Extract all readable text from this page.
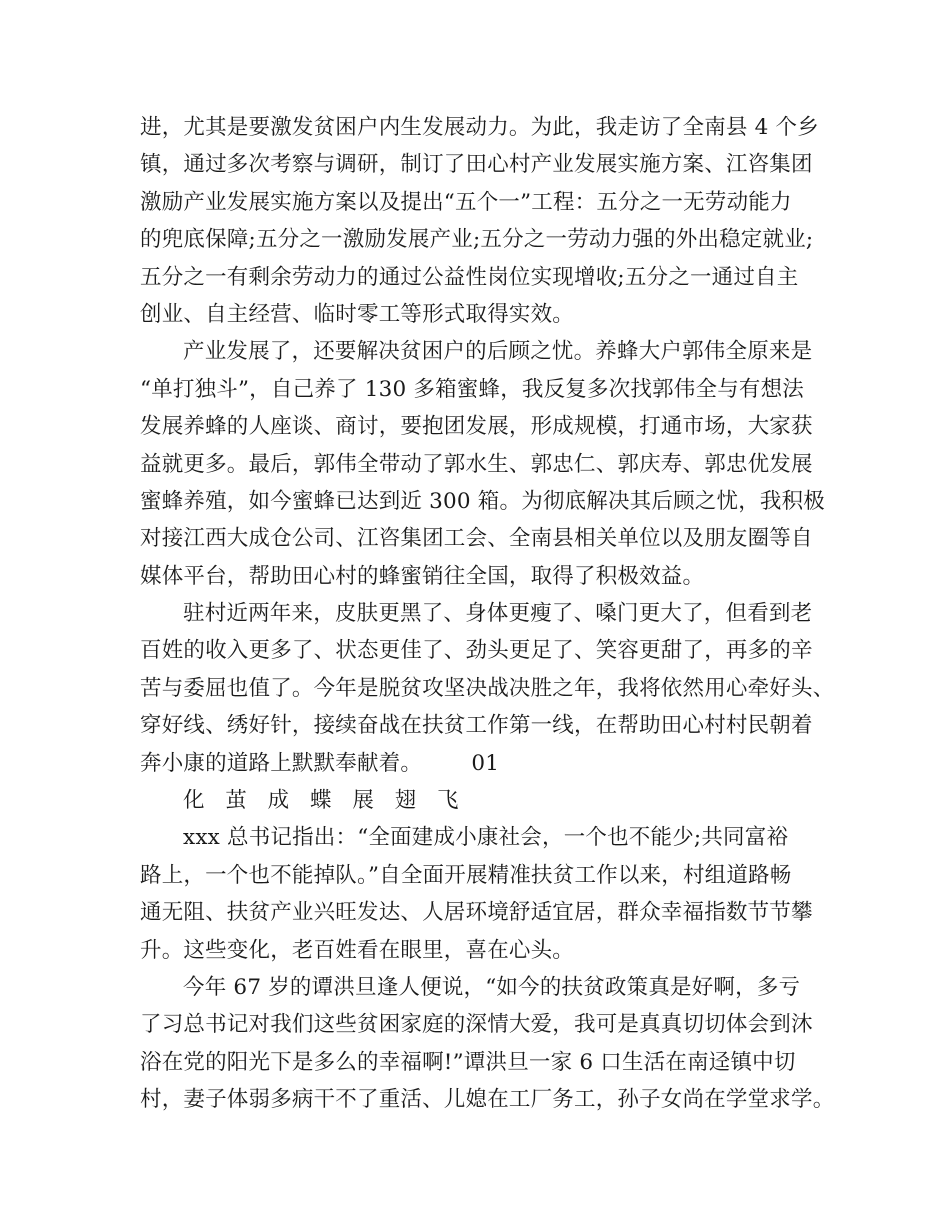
进，尤其是要激发贫困户内生发展动力。为此，我走访了全南县 4 个乡
镇，通过多次考察与调研，制订了田心村产业发展实施方案、江咨集团
激励产业发展实施方案以及提出“五个一”工程：五分之一无劳动能力
的兜底保障;五分之一激励发展产业;五分之一劳动力强的外出稳定就业;
五分之一有剩余劳动力的通过公益性岗位实现增收;五分之一通过自主
创业、自主经营、临时零工等形式取得实效。
产业发展了，还要解决贫困户的后顾之忧。养蜂大户郭伟全原来是
“单打独斗”，自己养了 130 多箱蜜蜂，我反复多次找郭伟全与有想法
发展养蜂的人座谈、商讨，要抱团发展，形成规模，打通市场，大家获
益就更多。最后，郭伟全带动了郭水生、郭忠仁、郭庆寿、郭忠优发展
蜜蜂养殖，如今蜜蜂已达到近 300 箱。为彻底解决其后顾之忧，我积极
对接江西大成仓公司、江咨集团工会、全南县相关单位以及朋友圈等自
媒体平台，帮助田心村的蜂蜜销往全国，取得了积极效益。
驻村近两年来，皮肤更黑了、身体更瘦了、嗓门更大了，但看到老
百姓的收入更多了、状态更佳了、劲头更足了、笑容更甜了，再多的辛
苦与委屈也值了。今年是脱贫攻坚决战决胜之年，我将依然用心牵好头、
穿好线、绣好针，接续奋战在扶贫工作第一线，在帮助田心村村民朝着
奔小康的道路上默默奉献着。       01
化 茧 成 蝶 展 翅 飞
xxx 总书记指出：“全面建成小康社会，一个也不能少;共同富裕
路上，一个也不能掉队。”自全面开展精准扶贫工作以来，村组道路畅
通无阻、扶贫产业兴旺发达、人居环境舒适宜居，群众幸福指数节节攀
升。这些变化，老百姓看在眼里，喜在心头。
今年 67 岁的谭洪旦逢人便说，“如今的扶贫政策真是好啊，多亏
了习总书记对我们这些贫困家庭的深情大爱，我可是真真切切体会到沐
浴在党的阳光下是多么的幸福啊!”谭洪旦一家 6 口生活在南迳镇中切
村，妻子体弱多病干不了重活、儿媳在工厂务工，孙子女尚在学堂求学。
